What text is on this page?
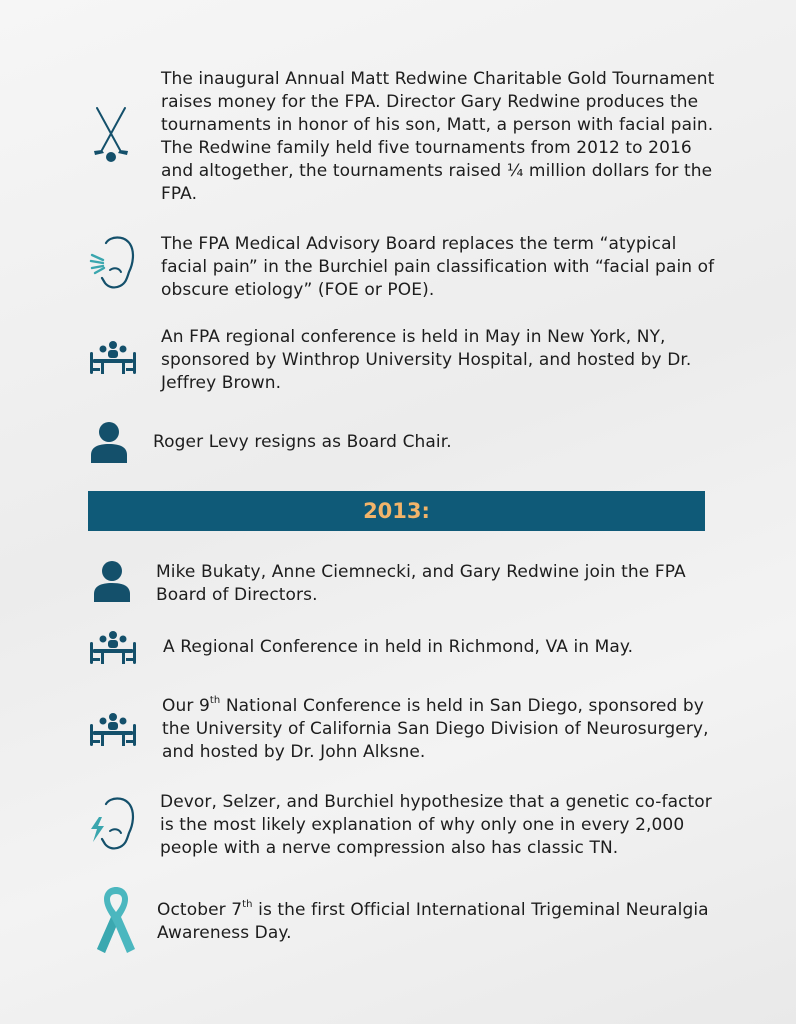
The inaugural Annual Matt Redwine Charitable Gold Tournament raises money for the FPA. Director Gary Redwine produces the tournaments in honor of his son, Matt, a person with facial pain. The Redwine family held five tournaments from 2012 to 2016 and altogether, the tournaments raised ¼ million dollars for the FPA.
The FPA Medical Advisory Board replaces the term “atypical facial pain” in the Burchiel pain classification with “facial pain of obscure etiology” (FOE or POE).
An FPA regional conference is held in May in New York, NY, sponsored by Winthrop University Hospital, and hosted by Dr. Jeffrey Brown.
Roger Levy resigns as Board Chair.
2013:
Mike Bukaty, Anne Ciemnecki, and Gary Redwine join the FPA Board of Directors.
A Regional Conference in held in Richmond, VA in May.
Our 9th National Conference is held in San Diego, sponsored by the University of California San Diego Division of Neurosurgery, and hosted by Dr. John Alksne.
Devor, Selzer, and Burchiel hypothesize that a genetic co-factor is the most likely explanation of why only one in every 2,000 people with a nerve compression also has classic TN.
October 7th is the first Official International Trigeminal Neuralgia Awareness Day.
